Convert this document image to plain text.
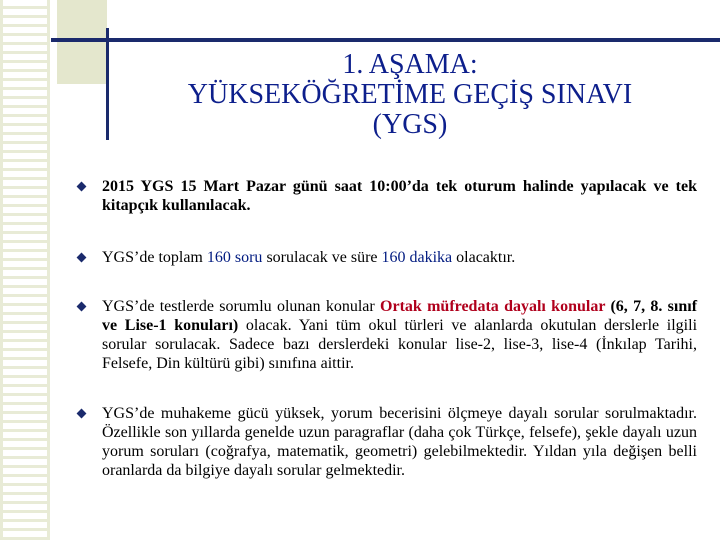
1. AŞAMA:
YÜKSEKÖĞRETİME GEÇİŞ SINAVI
(YGS)
2015 YGS 15 Mart Pazar günü saat 10:00’da tek oturum halinde yapılacak ve tek kitapçık kullanılacak.
YGS’de toplam 160 soru sorulacak ve süre 160 dakika olacaktır.
YGS’de testlerde sorumlu olunan konular Ortak müfredata dayalı konular (6, 7, 8. sınıf ve Lise-1 konuları) olacak. Yani tüm okul türleri ve alanlarda okutulan derslerle ilgili sorular sorulacak. Sadece bazı derslerdeki konular lise-2, lise-3, lise-4 (İnkılap Tarihi, Felsefe, Din kültürü gibi) sınıfına aittir.
YGS’de muhakeme gücü yüksek, yorum becerisini ölçmeye dayalı sorular sorulmaktadır. Özellikle son yıllarda genelde uzun paragraflar (daha çok Türkçe, felsefe), şekle dayalı uzun yorum soruları (coğrafya, matematik, geometri) gelebilmektedir. Yıldan yıla değişen belli oranlarda da bilgiye dayalı sorular gelmektedir.
